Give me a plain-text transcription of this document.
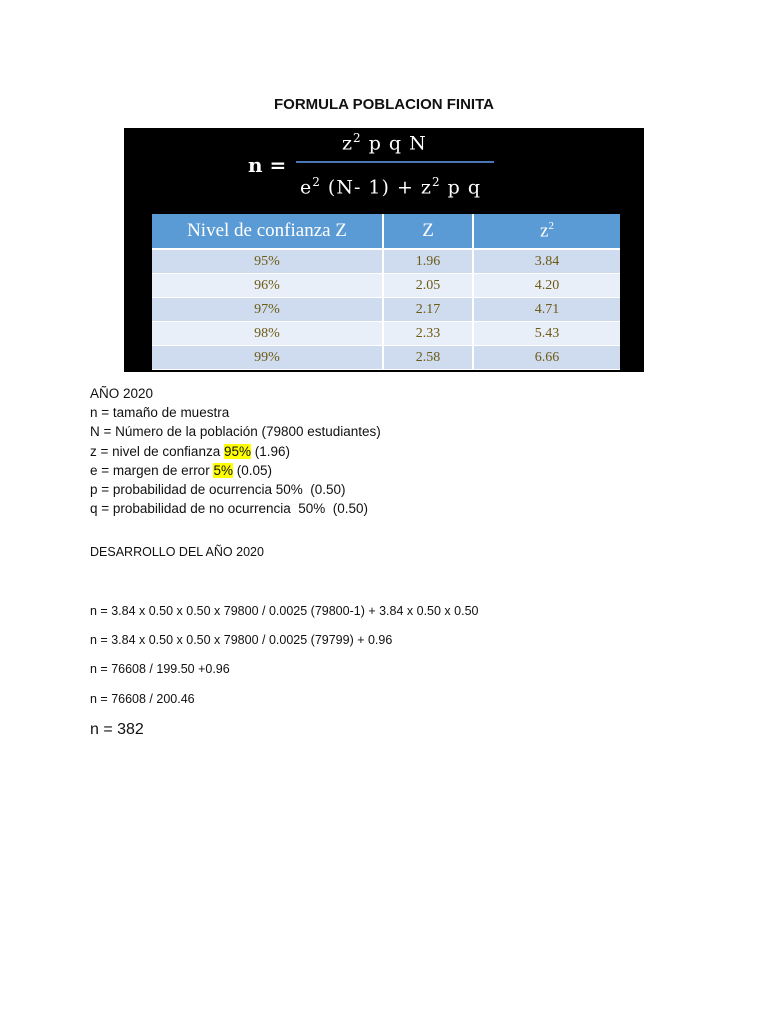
FORMULA POBLACION FINITA
n =
$z^2$ p q N
$e^2$ (N- $1) + z^2$ p q
Nivel de confianza Z	Z	$z^2$
95%	1.96	3.84
96%	2.05	4.20
97%	2.17	4.71
98%	2.33	5.43
99%	2.58	6.66
AÑO 2020
n = tamaño de muestra
N = Número de la población (79800 estudiantes)
z = nivel de confianza 95% (1.96)
e = margen de error 5% (0.05)
p = probabilidad de ocurrencia 50%  (0.50)
q = probabilidad de no ocurrencia  50%  (0.50)
DESARROLLO DEL AÑO 2020
n = 3.84 x 0.50 x 0.50 x 79800 / 0.0025 (79800-1) + 3.84 x 0.50 x 0.50
n = 3.84 x 0.50 x 0.50 x 79800 / 0.0025 (79799) + 0.96
n = 76608 / 199.50 +0.96
n = 76608 / 200.46
n = 382
